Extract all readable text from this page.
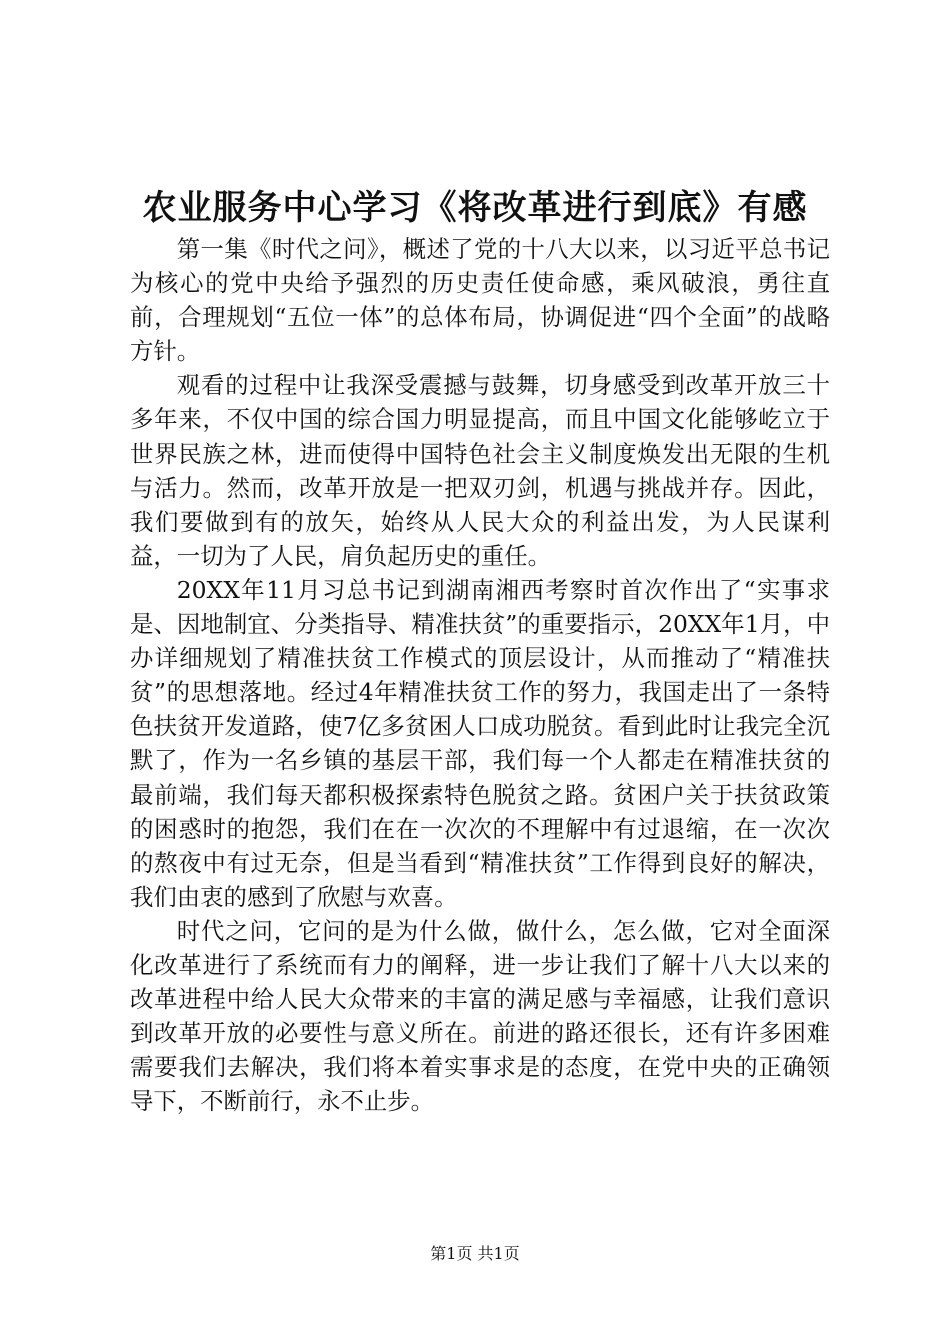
农业服务中心学习《将改革进行到底》有感

第一集《时代之问》，概述了党的十八大以来，以习近平总书记为核心的党中央给予强烈的历史责任使命感，乘风破浪，勇往直前，合理规划“五位一体”的总体布局，协调促进“四个全面”的战略方针。

观看的过程中让我深受震撼与鼓舞，切身感受到改革开放三十多年来，不仅中国的综合国力明显提高，而且中国文化能够屹立于世界民族之林，进而使得中国特色社会主义制度焕发出无限的生机与活力。然而，改革开放是一把双刃剑，机遇与挑战并存。因此，我们要做到有的放矢，始终从人民大众的利益出发，为人民谋利益，一切为了人民，肩负起历史的重任。

20XX年11月习总书记到湖南湘西考察时首次作出了“实事求是、因地制宜、分类指导、精准扶贫”的重要指示，20XX年1月，中办详细规划了精准扶贫工作模式的顶层设计，从而推动了“精准扶贫”的思想落地。经过4年精准扶贫工作的努力，我国走出了一条特色扶贫开发道路，使7亿多贫困人口成功脱贫。看到此时让我完全沉默了，作为一名乡镇的基层干部，我们每一个人都走在精准扶贫的最前端，我们每天都积极探索特色脱贫之路。贫困户关于扶贫政策的困惑时的抱怨，我们在在一次次的不理解中有过退缩，在一次次的熬夜中有过无奈，但是当看到“精准扶贫”工作得到良好的解决，我们由衷的感到了欣慰与欢喜。

时代之问，它问的是为什么做，做什么，怎么做，它对全面深化改革进行了系统而有力的阐释，进一步让我们了解十八大以来的改革进程中给人民大众带来的丰富的满足感与幸福感，让我们意识到改革开放的必要性与意义所在。前进的路还很长，还有许多困难需要我们去解决，我们将本着实事求是的态度，在党中央的正确领导下，不断前行，永不止步。

第1页 共1页
